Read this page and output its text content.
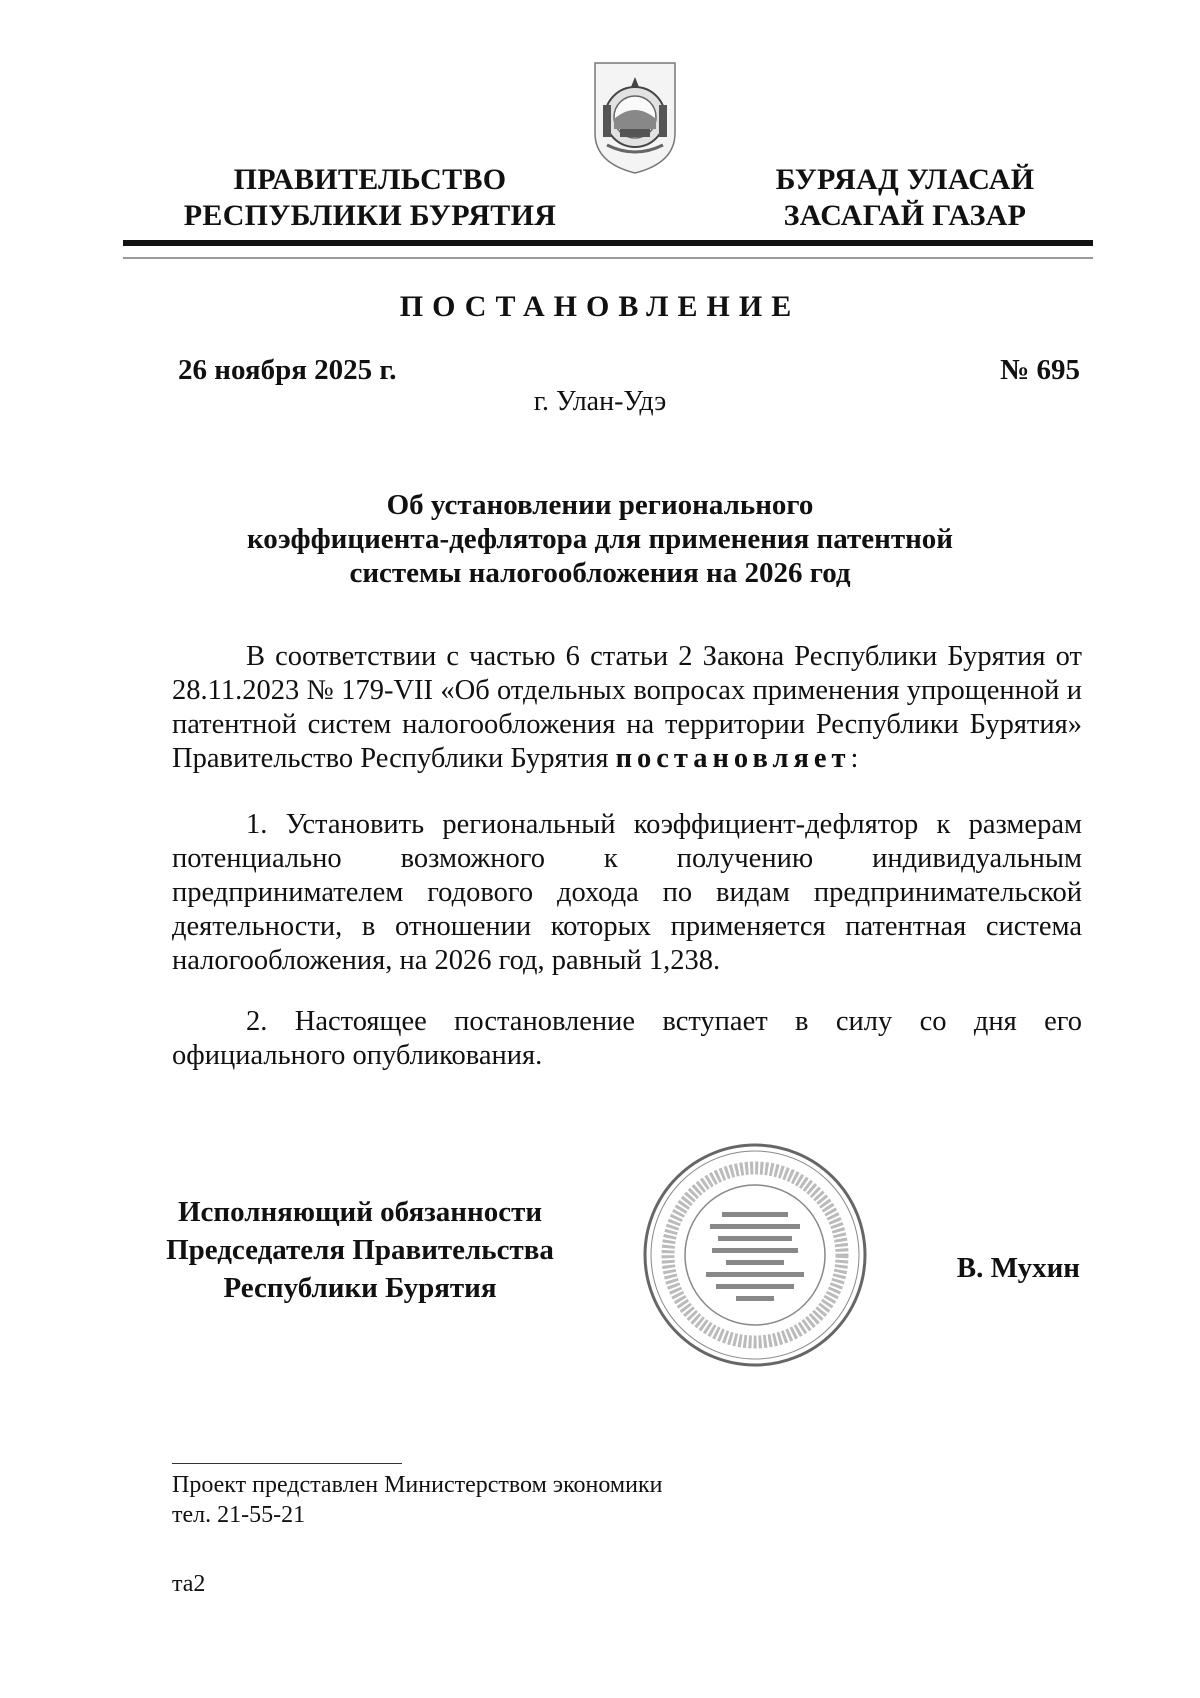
ПРАВИТЕЛЬСТВО
РЕСПУБЛИКИ БУРЯТИЯ
БУРЯАД УЛАСАЙ
ЗАСАГАЙ ГАЗАР
ПОСТАНОВЛЕНИЕ
26 ноября 2025 г.	№ 695
г. Улан-Удэ
Об установлении регионального
коэффициента-дефлятора для применения патентной
системы налогообложения на 2026 год
В соответствии с частью 6 статьи 2 Закона Республики Бурятия от 28.11.2023 № 179-VII «Об отдельных вопросах применения упрощенной и патентной систем налогообложения на территории Республики Бурятия» Правительство Республики Бурятия постановляет:
1. Установить региональный коэффициент-дефлятор к размерам потенциально возможного к получению индивидуальным предпринимателем годового дохода по видам предпринимательской деятельности, в отношении которых применяется патентная система налогообложения, на 2026 год, равный 1,238.
2. Настоящее постановление вступает в силу со дня его официального опубликования.
Исполняющий обязанности
Председателя Правительства
Республики Бурятия
В. Мухин
Проект представлен Министерством экономики
тел. 21-55-21
та2
